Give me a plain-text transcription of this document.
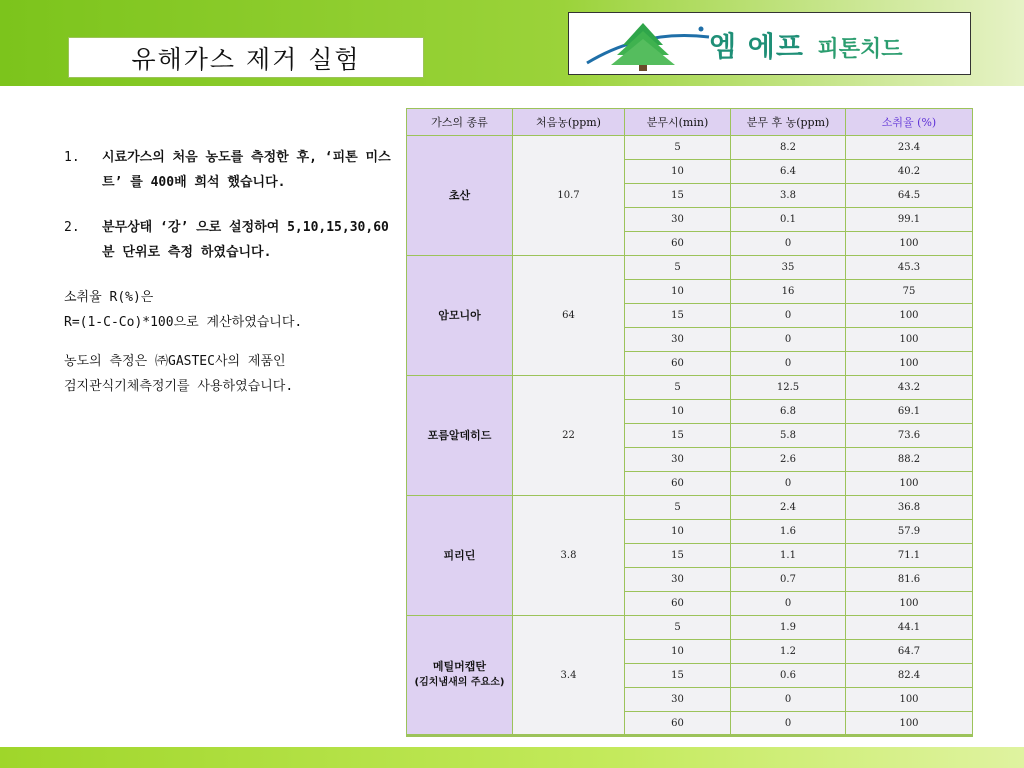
유해가스 제거 실험	엠 에프 피톤치드
1.	시료가스의 처음 농도를 측정한 후, ‘피톤 미스트’ 를 400배 희석 했습니다.
2.	분무상태 ‘강’ 으로 설정하여 5,10,15,30,60분 단위로 측정 하였습니다.
소취율 R(%)은
R=(1-C-Co)*100으로 계산하였습니다.
농도의 측정은 ㈜GASTEC사의 제품인
검지관식기체측정기를 사용하였습니다.
가스의 종류	처음농(ppm)	분무시(min)	분무 후 농(ppm)	소취율 (%)
초산	10.7	5	8.2	23.4
		10	6.4	40.2
		15	3.8	64.5
		30	0.1	99.1
		60	0	100
암모니아	64	5	35	45.3
		10	16	75
		15	0	100
		30	0	100
		60	0	100
포름알데히드	22	5	12.5	43.2
		10	6.8	69.1
		15	5.8	73.6
		30	2.6	88.2
		60	0	100
피리딘	3.8	5	2.4	36.8
		10	1.6	57.9
		15	1.1	71.1
		30	0.7	81.6
		60	0	100
메틸머캡탄
(김치냄새의 주요소)	3.4	5	1.9	44.1
		10	1.2	64.7
		15	0.6	82.4
		30	0	100
		60	0	100
